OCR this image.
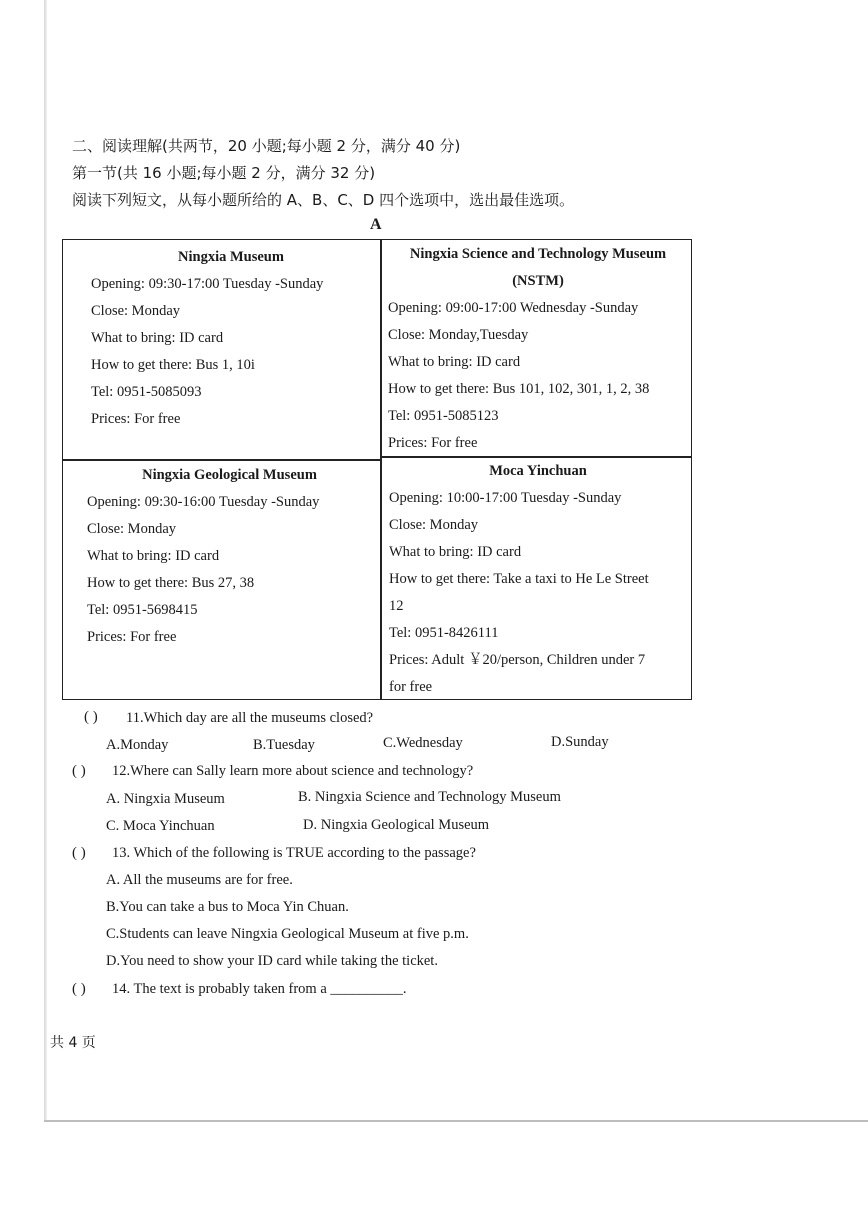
二、阅读理解(共两节，20 小题;每小题 2 分，满分 40 分)
第一节(共 16 小题;每小题 2 分，满分 32 分)
阅读下列短文，从每小题所给的 A、B、C、D 四个选项中，选出最佳选项。
A
Ningxia Museum
Opening: 09:30-17:00 Tuesday -Sunday
Close: Monday
What to bring: ID card
How to get there: Bus 1, 10i
Tel: 0951-5085093
Prices: For free
Ningxia Science and Technology Museum
(NSTM)
Opening: 09:00-17:00 Wednesday -Sunday
Close: Monday,Tuesday
What to bring: ID card
How to get there: Bus 101, 102, 301, 1, 2, 38
Tel: 0951-5085123
Prices: For free
Ningxia Geological Museum
Opening: 09:30-16:00 Tuesday -Sunday
Close: Monday
What to bring: ID card
How to get there: Bus 27, 38
Tel: 0951-5698415
Prices: For free
Moca Yinchuan
Opening: 10:00-17:00 Tuesday -Sunday
Close: Monday
What to bring: ID card
How to get there: Take a taxi to He Le Street
12
Tel: 0951-8426111
Prices: Adult ￥20/person, Children under 7
for free
( ) 11.Which day are all the museums closed?
A.Monday	B.Tuesday	C.Wednesday	D.Sunday
( ) 12.Where can Sally learn more about science and technology?
A. Ningxia Museum	B. Ningxia Science and Technology Museum
C. Moca Yinchuan	D. Ningxia Geological Museum
( ) 13. Which of the following is TRUE according to the passage?
A. All the museums are for free.
B.You can take a bus to Moca Yin Chuan.
C.Students can leave Ningxia Geological Museum at five p.m.
D.You need to show your ID card while taking the ticket.
( ) 14. The text is probably taken from a __________.
共 4 页
